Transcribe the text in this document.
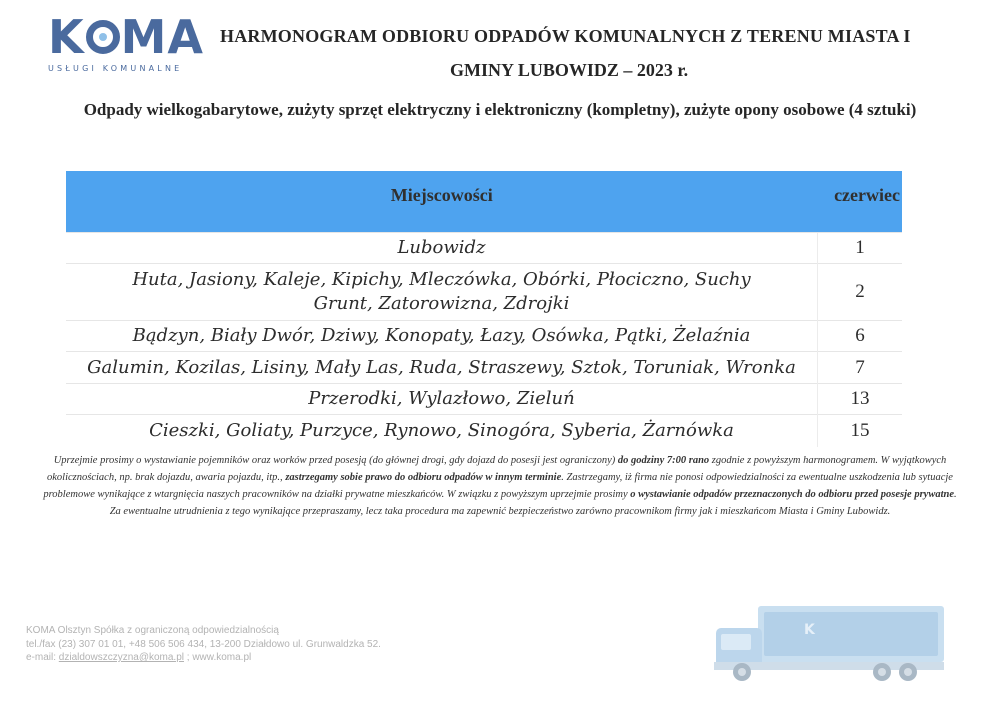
K MA
USŁUGI KOMUNALNE
HARMONOGRAM ODBIORU ODPADÓW KOMUNALNYCH Z TERENU MIASTA I
GMINY LUBOWIDZ – 2023 r.
Odpady wielkogabarytowe, zużyty sprzęt elektryczny i elektroniczny (kompletny), zużyte opony osobowe (4 sztuki)
Miejscowości	czerwiec
Lubowidz	1
Huta, Jasiony, Kaleje, Kipichy, Mleczówka, Obórki, Płociczno, Suchy Grunt, Zatorowizna, Zdrojki	2
Bądzyn, Biały Dwór, Dziwy, Konopaty, Łazy, Osówka, Pątki, Żelaźnia	6
Galumin, Kozilas, Lisiny, Mały Las, Ruda, Straszewy, Sztok, Toruniak, Wronka	7
Przerodki, Wylazłowo, Zieluń	13
Cieszki, Goliaty, Purzyce, Rynowo, Sinogóra, Syberia, Żarnówka	15
Uprzejmie prosimy o wystawianie pojemników oraz worków przed posesją (do głównej drogi, gdy dojazd do posesji jest ograniczony) do godziny 7:00 rano zgodnie z powyższym harmonogramem. W wyjątkowych okolicznościach, np. brak dojazdu, awaria pojazdu, itp., zastrzegamy sobie prawo do odbioru odpadów w innym terminie. Zastrzegamy, iż firma nie ponosi odpowiedzialności za ewentualne uszkodzenia lub sytuacje problemowe wynikające z wtargnięcia naszych pracowników na działki prywatne mieszkańców. W związku z powyższym uprzejmie prosimy o wystawianie odpadów przeznaczonych do odbioru przed posesje prywatne. Za ewentualne utrudnienia z tego wynikające przepraszamy, lecz taka procedura ma zapewnić bezpieczeństwo zarówno pracownikom firmy jak i mieszkańcom Miasta i Gminy Lubowidz.
KOMA Olsztyn Spółka z ograniczoną odpowiedzialnością
tel./fax (23) 307 01 01, +48 506 506 434, 13-200 Działdowo ul. Grunwaldzka 52.
e-mail: dzialdowszczyzna@koma.pl ; www.koma.pl
K
